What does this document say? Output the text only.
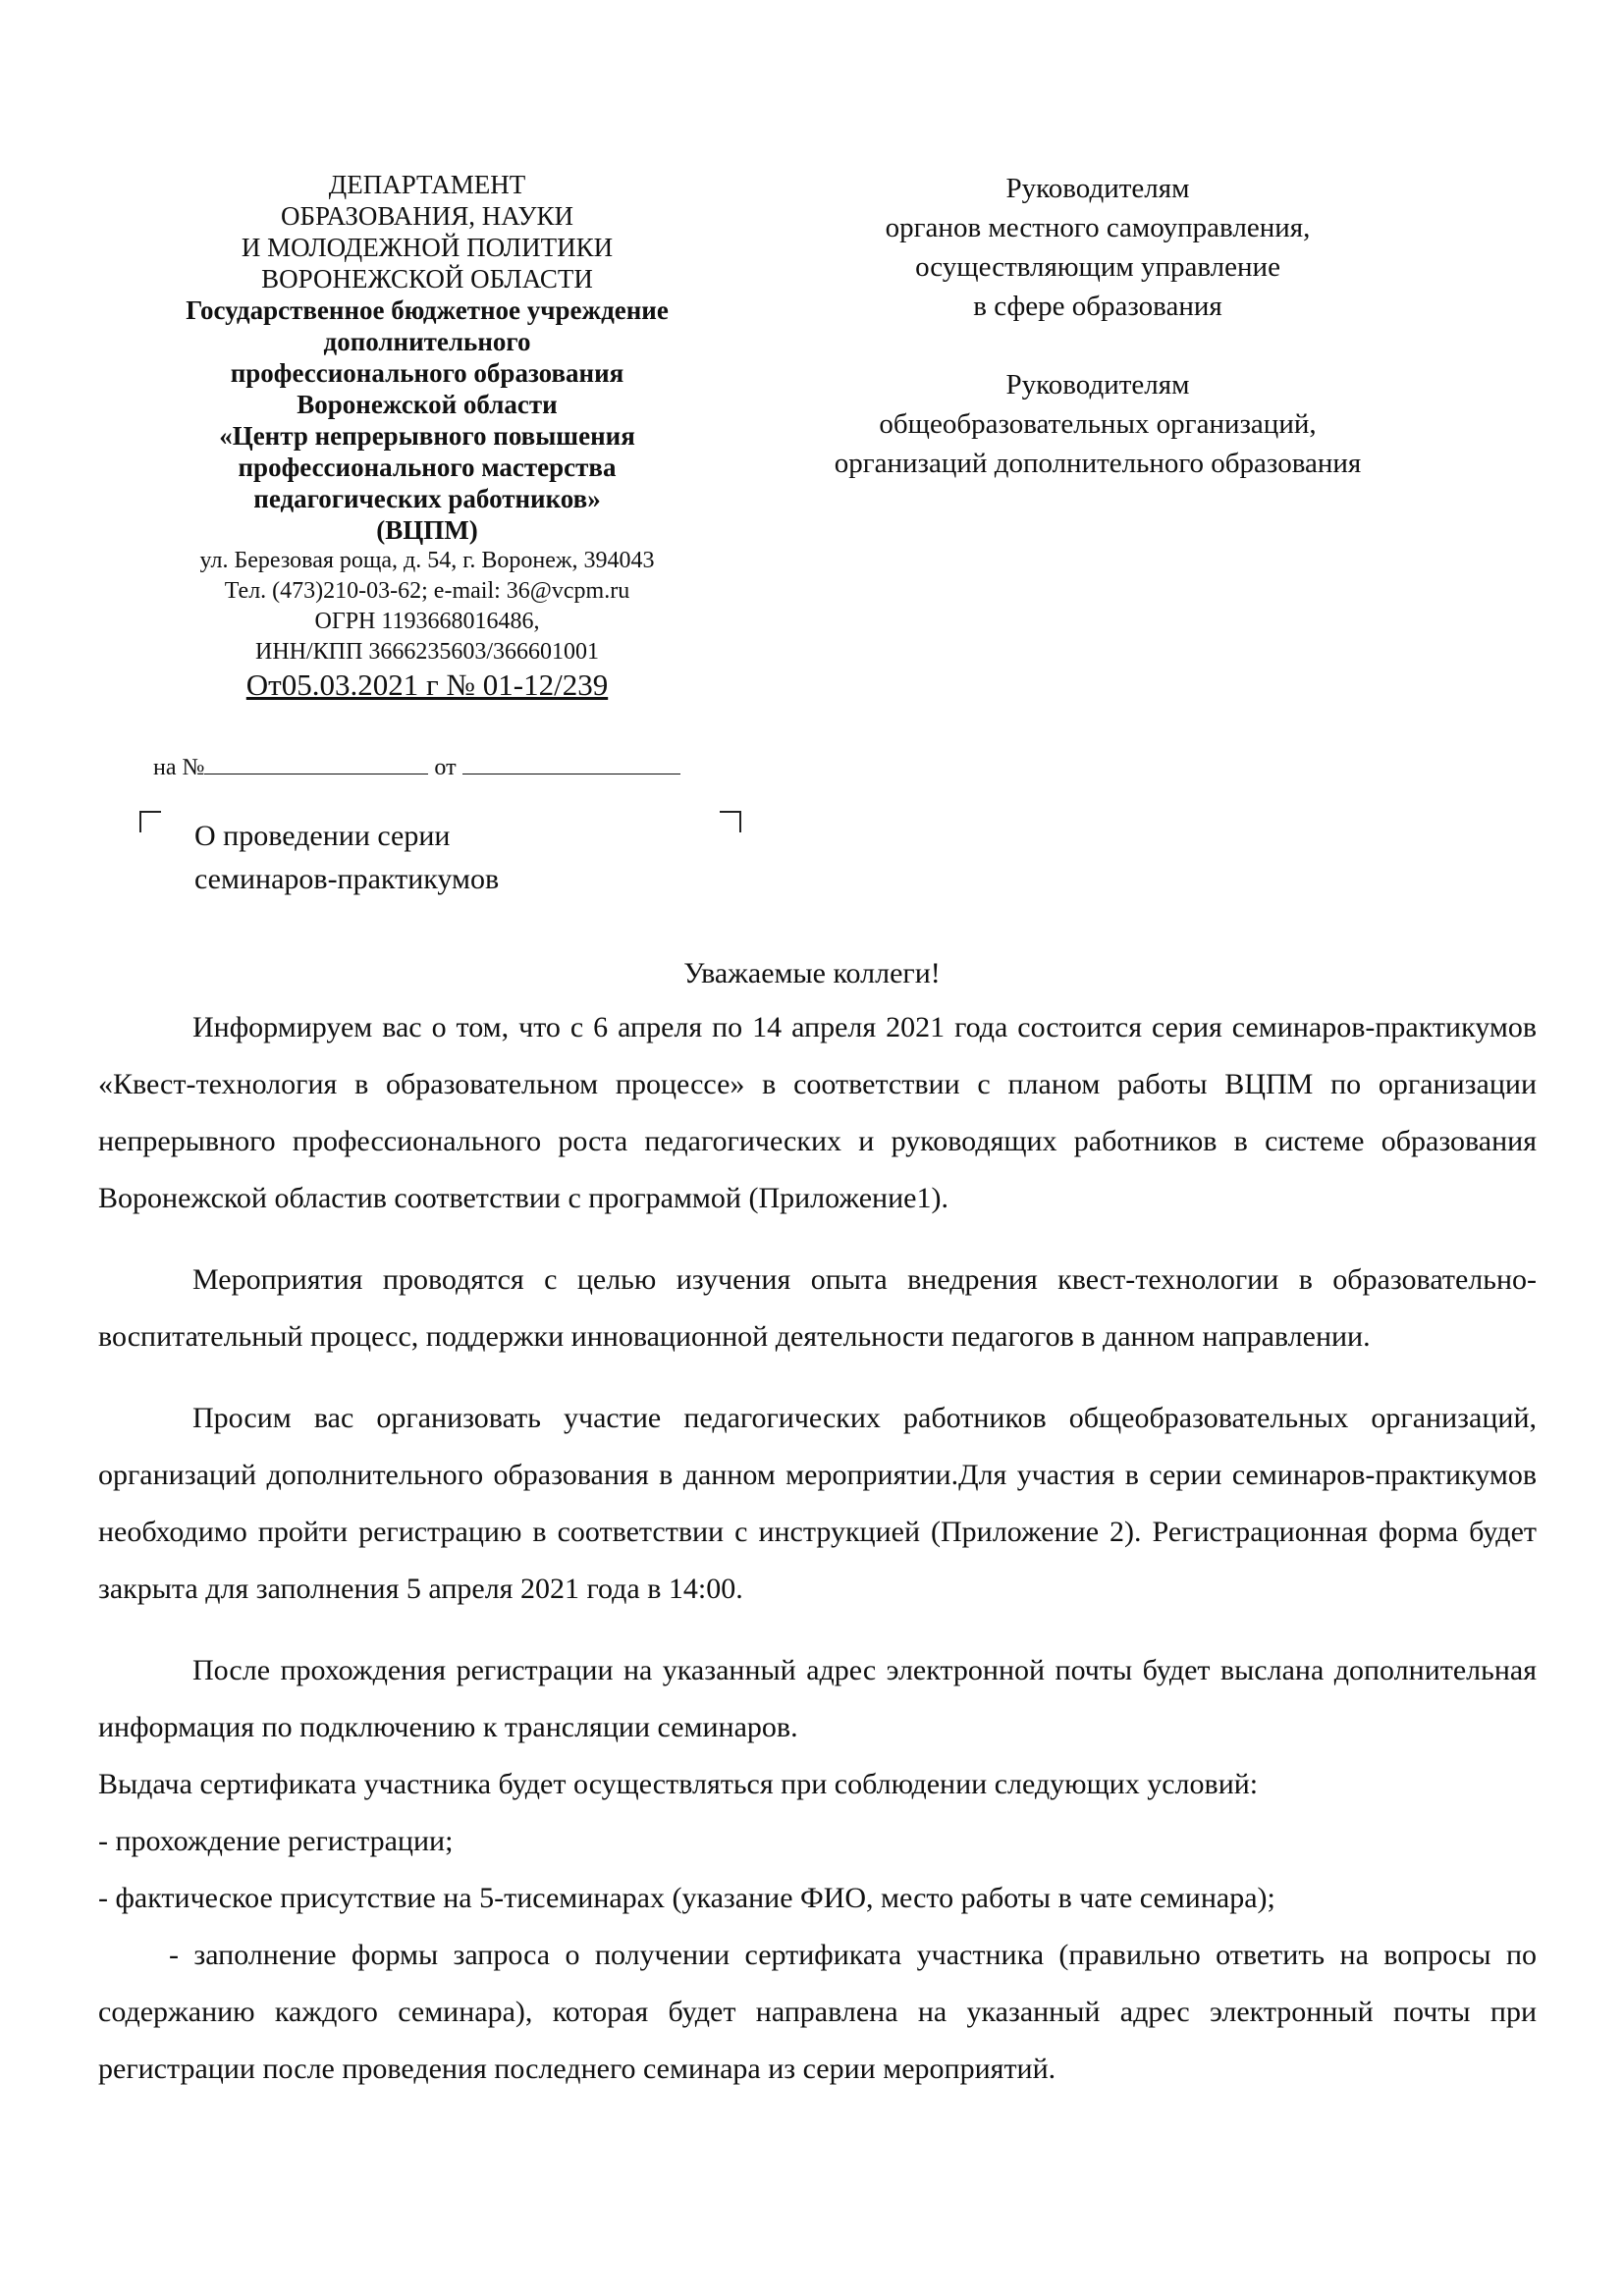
ДЕПАРТАМЕНТ
ОБРАЗОВАНИЯ, НАУКИ
И МОЛОДЕЖНОЙ ПОЛИТИКИ
ВОРОНЕЖСКОЙ ОБЛАСТИ
Государственное бюджетное учреждение
дополнительного
профессионального образования
Воронежской области
«Центр непрерывного повышения
профессионального мастерства
педагогических работников»
(ВЦПМ)
ул. Березовая роща, д. 54, г. Воронеж, 394043
Тел. (473)210-03-62; e-mail: 36@vcpm.ru
ОГРН 1193668016486,
ИНН/КПП 3666235603/366601001
От05.03.2021 г № 01-12/239
на №	от
О проведении серии
семинаров-практикумов
Руководителям
органов местного самоуправления,
осуществляющим управление
в сфере образования
Руководителям
общеобразовательных организаций,
организаций дополнительного образования
Уважаемые коллеги!

Информируем вас о том, что с 6 апреля по 14 апреля 2021 года состоится серия семинаров-практикумов «Квест-технология в образовательном процессе» в соответствии с планом работы ВЦПМ по организации непрерывного профессионального роста педагогических и руководящих работников в системе образования Воронежской областив соответствии с программой (Приложение1).

Мероприятия проводятся с целью изучения опыта внедрения квест-технологии в образовательно-воспитательный процесс, поддержки инновационной деятельности педагогов в данном направлении.

Просим вас организовать участие педагогических работников общеобразовательных организаций, организаций дополнительного образования в данном мероприятии.Для участия в серии семинаров-практикумов необходимо пройти регистрацию в соответствии с инструкцией (Приложение 2). Регистрационная форма будет закрыта для заполнения 5 апреля 2021 года в 14:00.

После прохождения регистрации на указанный адрес электронной почты будет выслана дополнительная информация по подключению к трансляции семинаров.

Выдача сертификата участника будет осуществляться при соблюдении следующих условий:

- прохождение регистрации;

- фактическое присутствие на 5-тисеминарах (указание ФИО, место работы в чате семинара);

- заполнение формы запроса о получении сертификата участника (правильно ответить на вопросы по содержанию каждого семинара), которая будет направлена на указанный адрес электронный почты при регистрации после проведения последнего семинара из серии мероприятий.
